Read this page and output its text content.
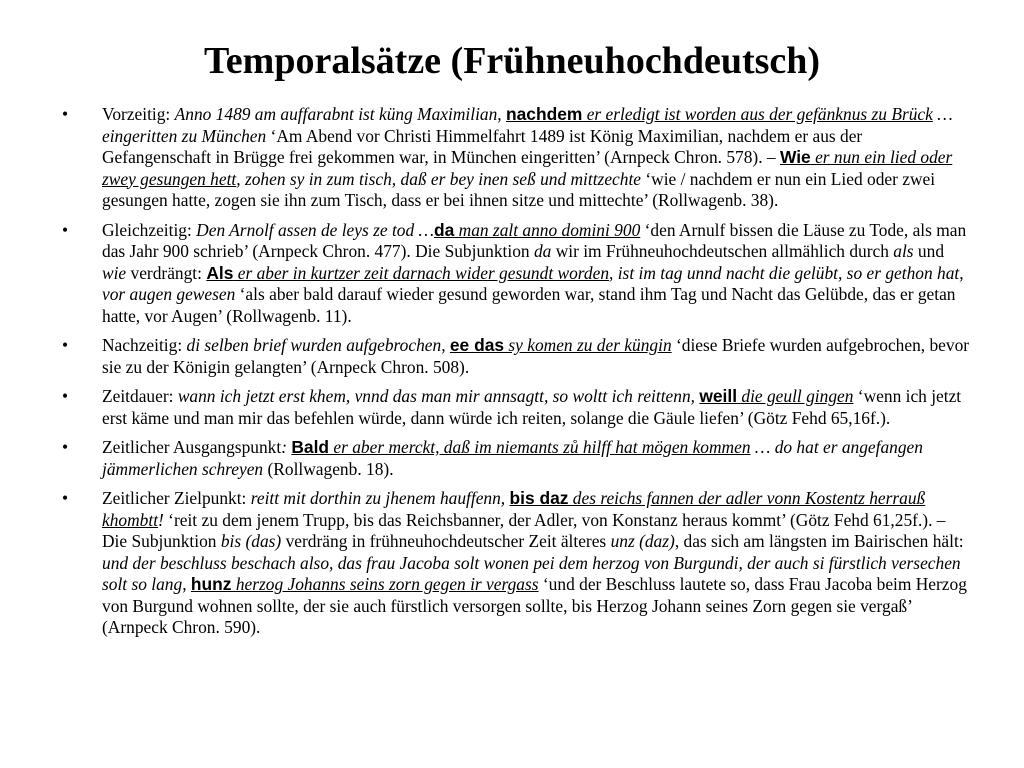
Temporalsätze (Frühneuhochdeutsch)
• Vorzeitig: Anno 1489 am auffarabnt ist küng Maximilian, nachdem er erledigt ist worden aus der gefänknus zu Brück … eingeritten zu München ‘Am Abend vor Christi Himmelfahrt 1489 ist König Maximilian, nachdem er aus der Gefangenschaft in Brügge frei gekommen war, in München eingeritten’ (Arnpeck Chron. 578). – Wie er nun ein lied oder zwey gesungen hett, zohen sy in zum tisch, daß er bey inen seß und mittzechte ‘wie / nachdem er nun ein Lied oder zwei gesungen hatte, zogen sie ihn zum Tisch, dass er bei ihnen sitze und mittechte’ (Rollwagenb. 38).
• Gleichzeitig: Den Arnolf assen de leys ze tod …da man zalt anno domini 900 ‘den Arnulf bissen die Läuse zu Tode, als man das Jahr 900 schrieb’ (Arnpeck Chron. 477). Die Subjunktion da wir im Frühneuhochdeutschen allmählich durch als und wie verdrängt: Als er aber in kurtzer zeit darnach wider gesundt worden, ist im tag unnd nacht die gelübt, so er gethon hat, vor augen gewesen ‘als aber bald darauf wieder gesund geworden war, stand ihm Tag und Nacht das Gelübde, das er getan hatte, vor Augen’ (Rollwagenb. 11).
• Nachzeitig: di selben brief wurden aufgebrochen, ee das sy komen zu der küngin ‘diese Briefe wurden aufgebrochen, bevor sie zu der Königin gelangten’ (Arnpeck Chron. 508).
• Zeitdauer: wann ich jetzt erst khem, vnnd das man mir annsagtt, so woltt ich reittenn, weill die geull gingen ‘wenn ich jetzt erst käme und man mir das befehlen würde, dann würde ich reiten, solange die Gäule liefen’ (Götz Fehd 65,16f.).
• Zeitlicher Ausgangspunkt: Bald er aber merckt, daß im niemants zů hilff hat mögen kommen … do hat er angefangen jämmerlichen schreyen (Rollwagenb. 18).
• Zeitlicher Zielpunkt: reitt mit dorthin zu jhenem hauffenn, bis daz des reichs fannen der adler vonn Kostentz herrauß khombtt! ‘reit zu dem jenem Trupp, bis das Reichsbanner, der Adler, von Konstanz heraus kommt’ (Götz Fehd 61,25f.). – Die Subjunktion bis (das) verdräng in frühneuhochdeutscher Zeit älteres unz (daz), das sich am längsten im Bairischen hält: und der beschluss beschach also, das frau Jacoba solt wonen pei dem herzog von Burgundi, der auch si fürstlich versechen solt so lang, hunz herzog Johanns seins zorn gegen ir vergass ‘und der Beschluss lautete so, dass Frau Jacoba beim Herzog von Burgund wohnen sollte, der sie auch fürstlich versorgen sollte, bis Herzog Johann seines Zorn gegen sie vergaß’ (Arnpeck Chron. 590).
